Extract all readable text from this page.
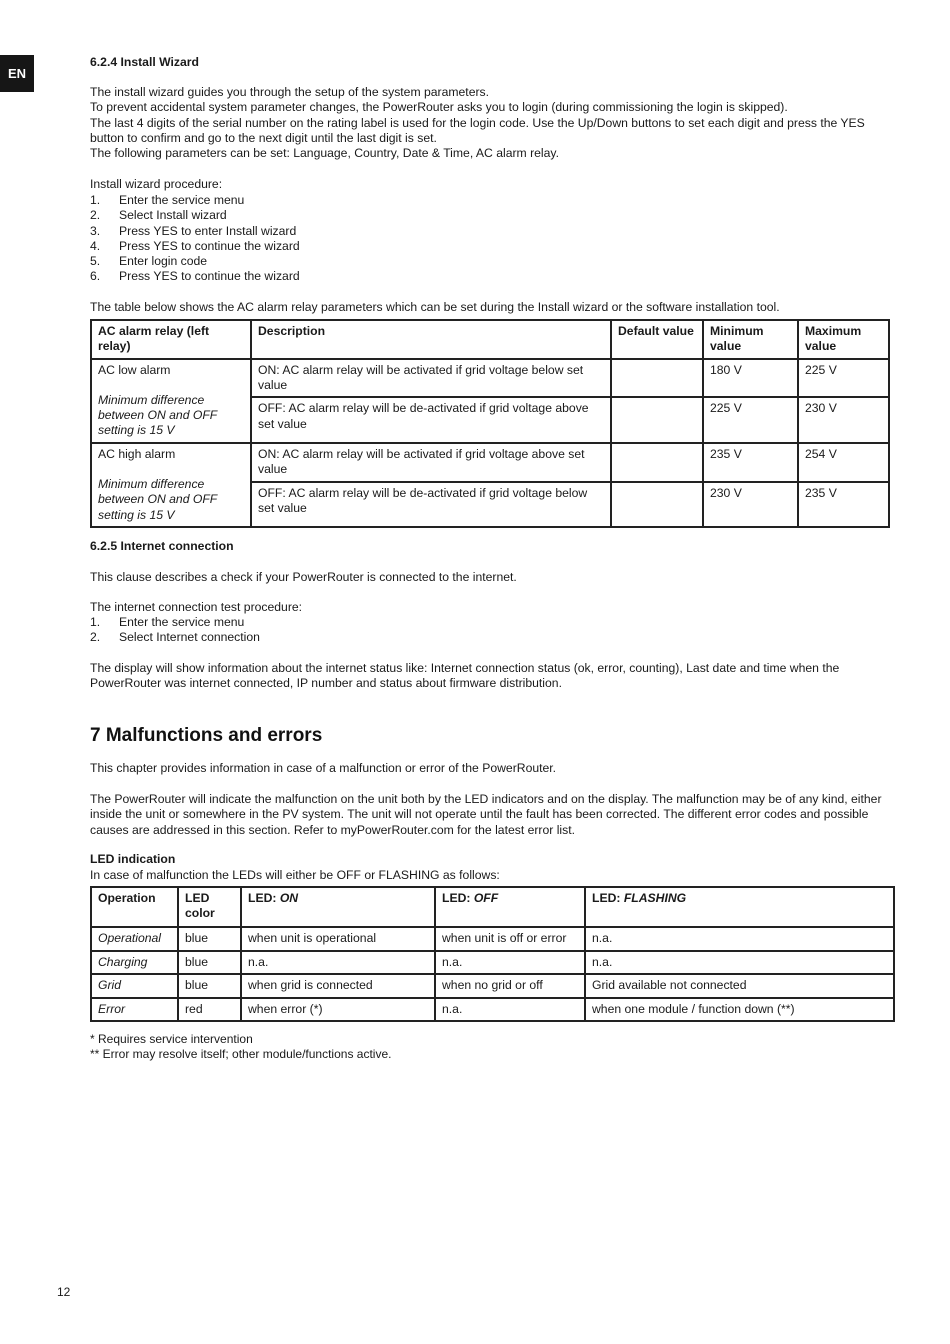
EN
12
6.2.4 Install Wizard

The install wizard guides you through the setup of the system parameters.

To prevent accidental system parameter changes, the PowerRouter asks you to login (during commissioning the login is skipped).

The last 4 digits of the serial number on the rating label is used for the login code. Use the Up/Down buttons to set each digit and press the YES button to confirm and go to the next digit until the last digit is set.

The following parameters can be set: Language, Country, Date & Time, AC alarm relay.

Install wizard procedure:
1.	Enter the service menu
2.	Select Install wizard
3.	Press YES to enter Install wizard
4.	Press YES to continue the wizard
5.	Enter login code
6.	Press YES to continue the wizard
The table below shows the AC alarm relay parameters which can be set during the Install wizard or the software installation tool.
AC alarm relay (left relay)	Description	Default value	Minimum value	Maximum value

AC low alarm
Minimum difference between ON and OFF setting is 15 V	ON: AC alarm relay will be activated if grid voltage below set value		180 V	225 V
	OFF: AC alarm relay will be de-activated if grid voltage above set value		225 V	230 V

AC high alarm
Minimum difference between ON and OFF setting is 15 V	ON: AC alarm relay will be activated if grid voltage above set value		235 V	254 V
	OFF: AC alarm relay will be de-activated if grid voltage below set value		230 V	235 V
6.2.5 Internet connection
This clause describes a check if your PowerRouter is connected to the internet.
The internet connection test procedure:
1.	Enter the service menu
2.	Select Internet connection
The display will show information about the internet status like: Internet connection status (ok, error, counting), Last date and time when the PowerRouter was internet connected, IP number and status about firmware distribution.
7 Malfunctions and errors
This chapter provides information in case of a malfunction or error of the PowerRouter.
The PowerRouter will indicate the malfunction on the unit both by the LED indicators and on the display. The malfunction may be of any kind, either inside the unit or somewhere in the PV system. The unit will not operate until the fault has been corrected. The different error codes and possible causes are addressed in this section. Refer to myPowerRouter.com for the latest error list.
LED indication
In case of malfunction the LEDs will either be OFF or FLASHING as follows:
Operation	LED color	LED: ON	LED: OFF	LED: FLASHING
Operational	blue	when unit is operational	when unit is off or error	n.a.
Charging	blue	n.a.	n.a.	n.a.
Grid	blue	when grid is connected	when no grid or off	Grid available not connected
Error	red	when error (*)	n.a.	when one module / function down (**)
* Requires service intervention
** Error may resolve itself; other module/functions active.
